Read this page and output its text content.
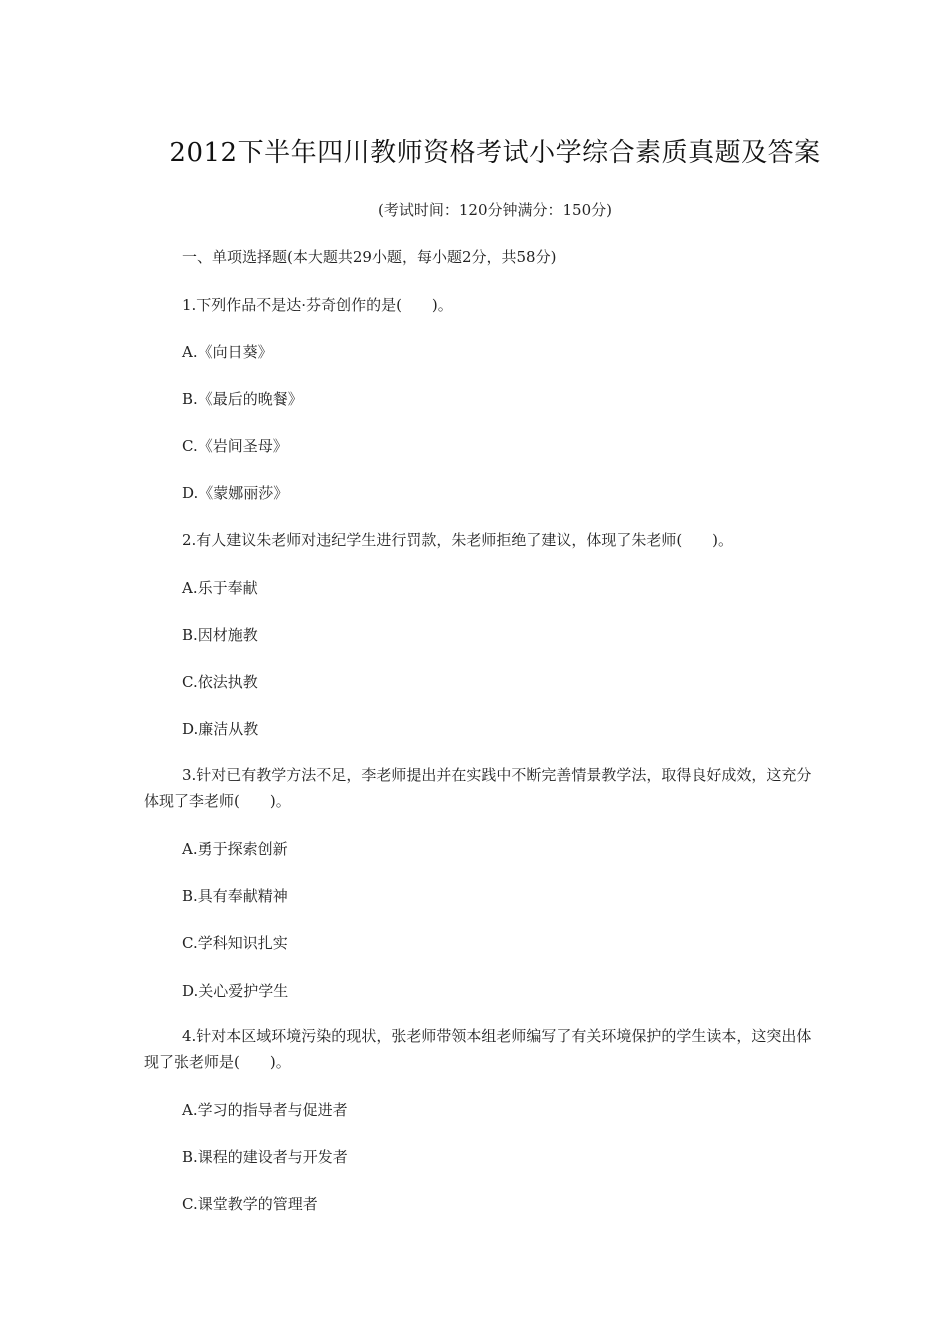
2012下半年四川教师资格考试小学综合素质真题及答案
(考试时间：120分钟满分：150分)
一、单项选择题(本大题共29小题，每小题2分，共58分)
1.下列作品不是达·芬奇创作的是(　　)。
A.《向日葵》
B.《最后的晚餐》
C.《岩间圣母》
D.《蒙娜丽莎》
2.有人建议朱老师对违纪学生进行罚款，朱老师拒绝了建议，体现了朱老师(　　)。
A.乐于奉献
B.因材施教
C.依法执教
D.廉洁从教
3.针对已有教学方法不足，李老师提出并在实践中不断完善情景教学法，取得良好成效，这充分体现了李老师(　　)。
A.勇于探索创新
B.具有奉献精神
C.学科知识扎实
D.关心爱护学生
4.针对本区域环境污染的现状，张老师带领本组老师编写了有关环境保护的学生读本，这突出体现了张老师是(　　)。
A.学习的指导者与促进者
B.课程的建设者与开发者
C.课堂教学的管理者
